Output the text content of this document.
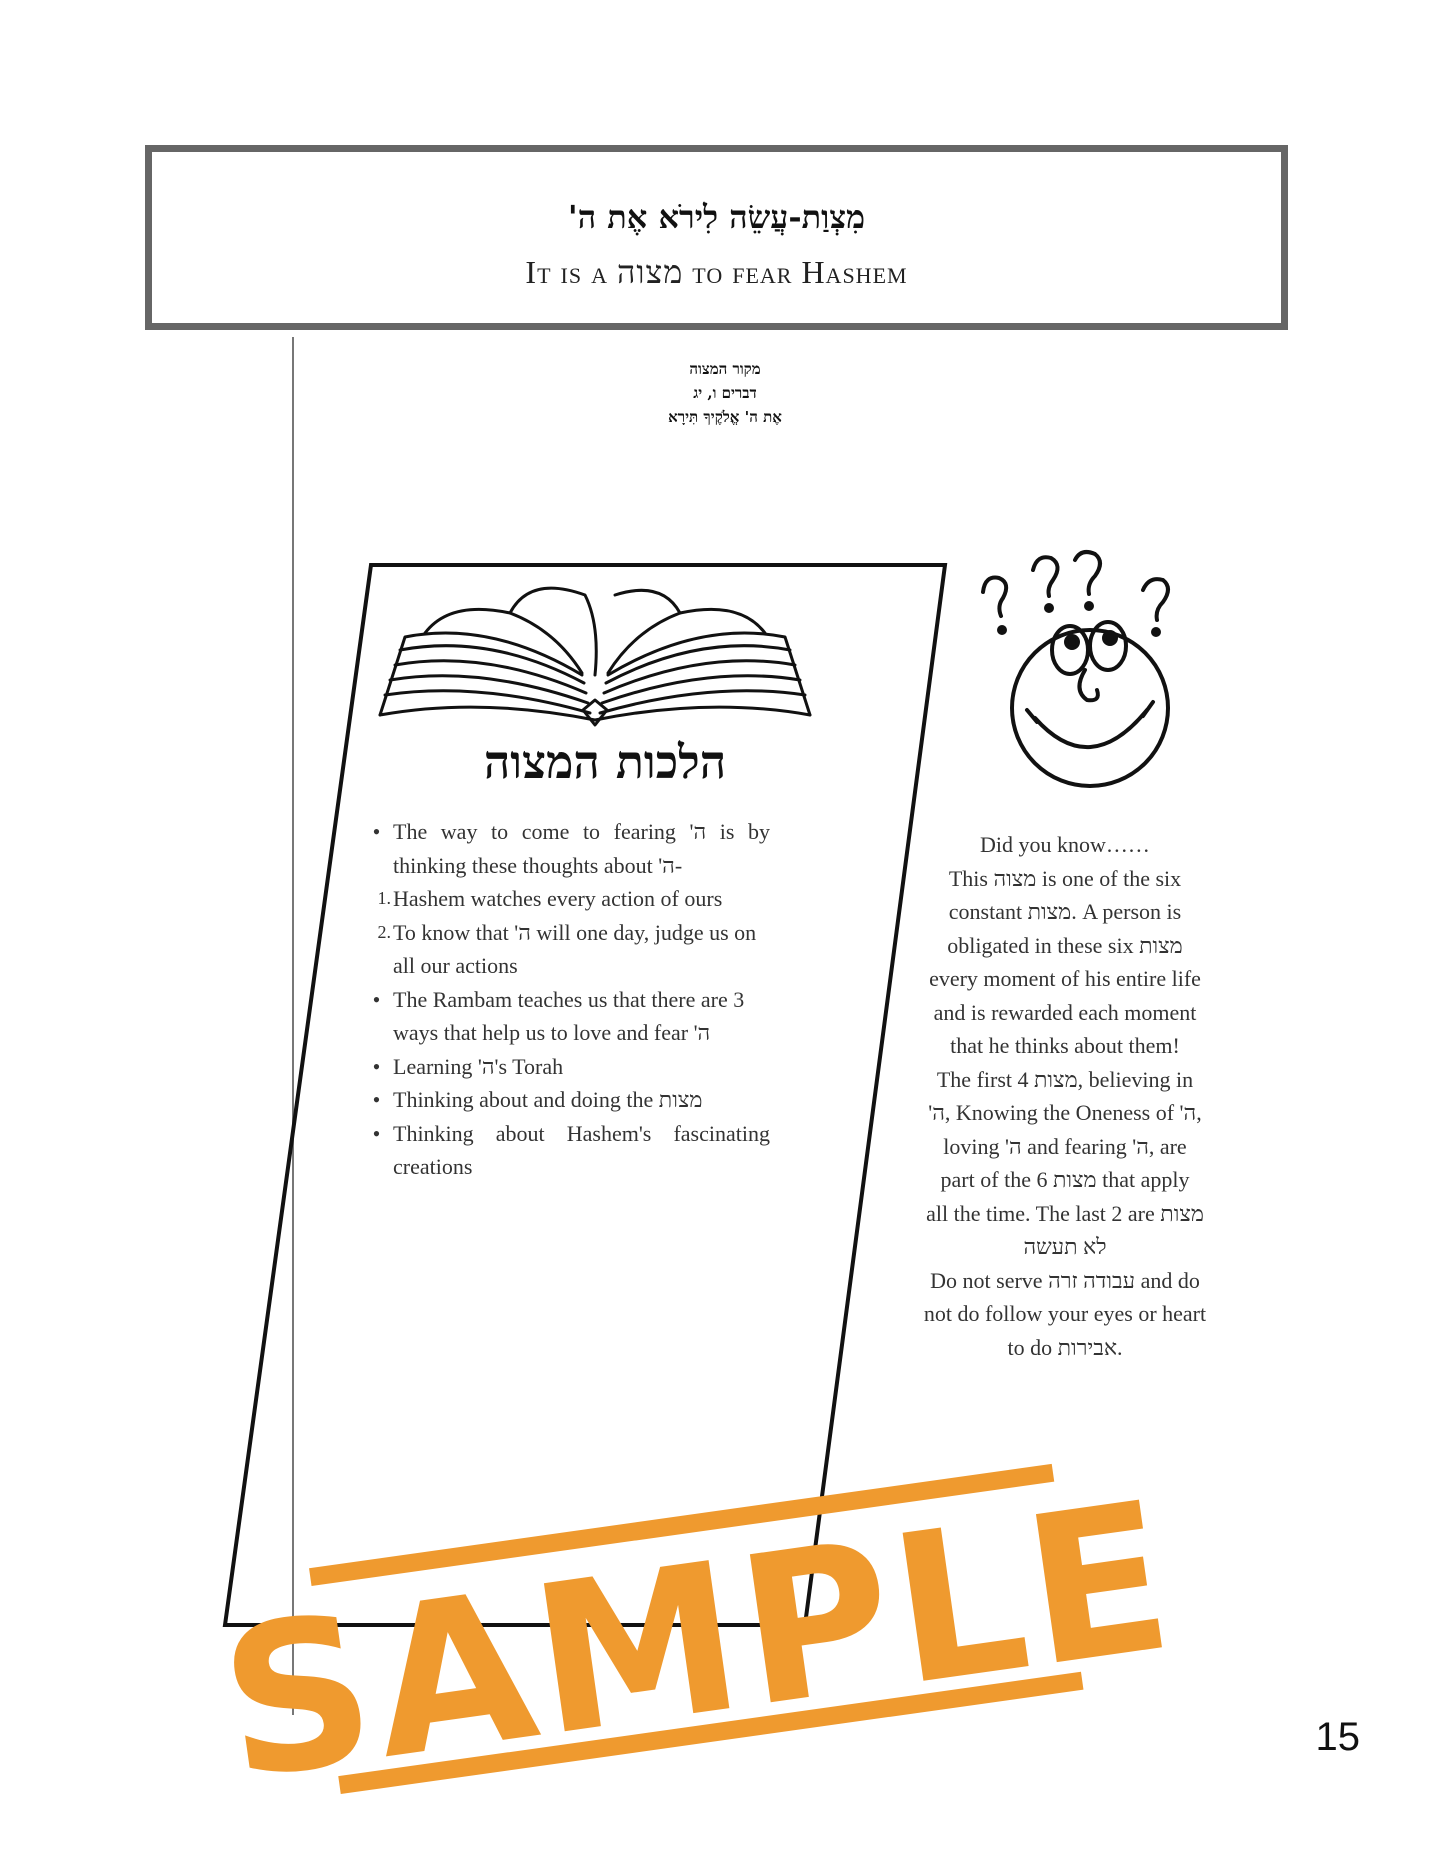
מִצְוַת-עֲשֵׂה לִירֹא אֶת ה'
It is a מצוה to fear Hashem
מקור המצוה
דברים ו, יג
אֶת ה' אֱלֹקֶיךָ תִּירָא
הלכות המצוה
• The way to come to fearing 'ה is by thinking these thoughts about 'ה-
1. Hashem watches every action of ours
2. To know that 'ה will one day, judge us on all our actions
• The Rambam teaches us that there are 3 ways that help us to love and fear 'ה
• Learning 'ה's Torah
• Thinking about and doing the מצות
• Thinking about Hashem's fascinating creations
Did you know……
This מצוה is one of the six
constant מצות. A person is
obligated in these six מצות
every moment of his entire life
and is rewarded each moment
that he thinks about them!
The first 4 מצות, believing in
'ה, Knowing the Oneness of 'ה,
loving 'ה and fearing 'ה, are
part of the 6 מצות that apply
all the time. The last 2 are מצות
לא תעשה
Do not serve עבודה זרה and do
not do follow your eyes or heart
to do אבירות.
SAMPLE	15
